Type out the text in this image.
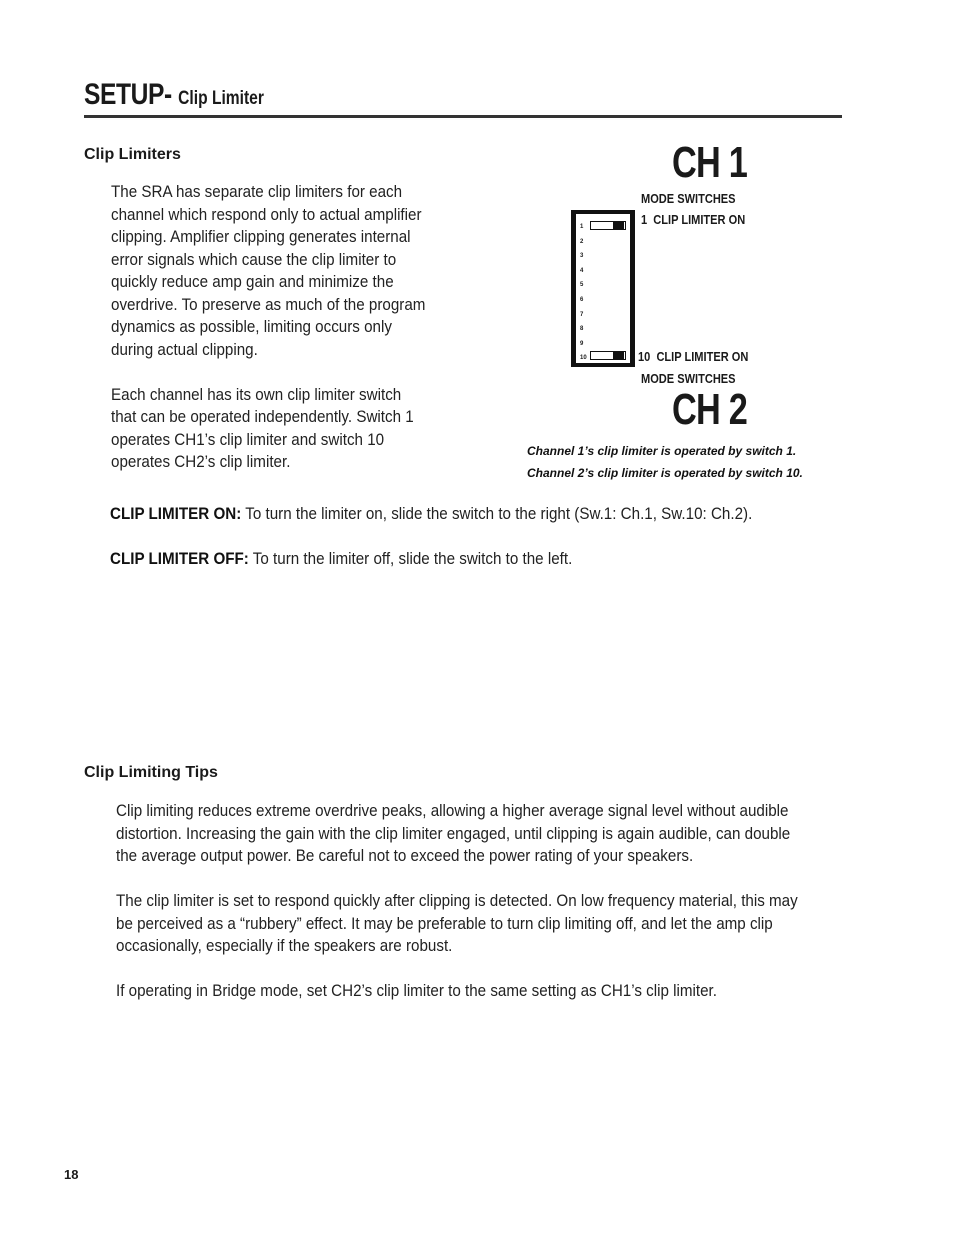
SETUP- Clip Limiter
Clip Limiters

The SRA has separate clip limiters for each
channel which respond only to actual amplifier
clipping. Amplifier clipping generates internal
error signals which cause the clip limiter to
quickly reduce amp gain and minimize the
overdrive. To preserve as much of the program
dynamics as possible, limiting occurs only
during actual clipping.

Each channel has its own clip limiter switch
that can be operated independently. Switch 1
operates CH1’s clip limiter and switch 10
operates CH2’s clip limiter.

CH 1
MODE SWITCHES
1 CLIP LIMITER ON
1
2
3
4
5
6
7
8
9
10	10 CLIP LIMITER ON
MODE SWITCHES
CH 2
Channel 1’s clip limiter is operated by switch 1.
Channel 2’s clip limiter is operated by switch 10.
CLIP LIMITER ON: To turn the limiter on, slide the switch to the right (Sw.1: Ch.1, Sw.10: Ch.2).
CLIP LIMITER OFF: To turn the limiter off, slide the switch to the left.
Clip Limiting Tips

Clip limiting reduces extreme overdrive peaks, allowing a higher average signal level without audible
distortion. Increasing the gain with the clip limiter engaged, until clipping is again audible, can double
the average output power. Be careful not to exceed the power rating of your speakers.

The clip limiter is set to respond quickly after clipping is detected. On low frequency material, this may
be perceived as a “rubbery” effect. It may be preferable to turn clip limiting off, and let the amp clip
occasionally, especially if the speakers are robust.

If operating in Bridge mode, set CH2’s clip limiter to the same setting as CH1’s clip limiter.

18
